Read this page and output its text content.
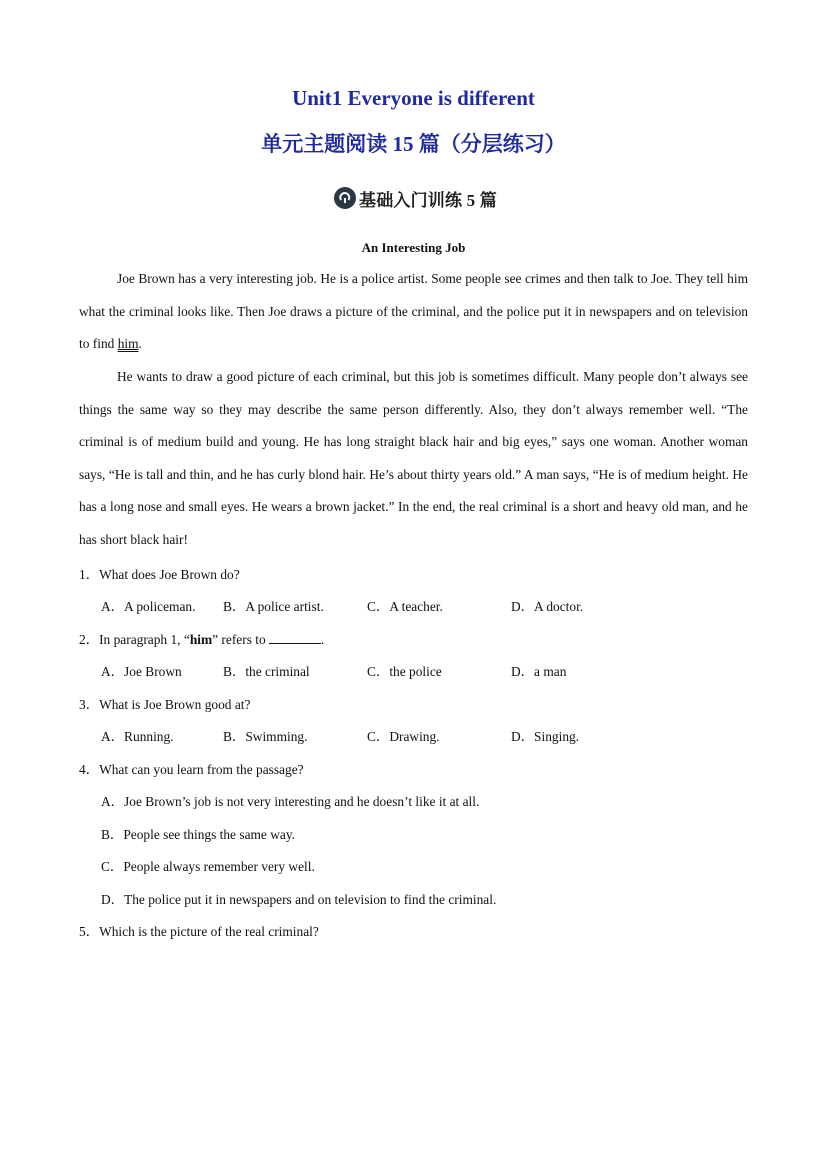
Unit1 Everyone is different
单元主题阅读 15 篇（分层练习）
基础入门训练 5 篇
An Interesting Job

Joe Brown has a very interesting job. He is a police artist. Some people see crimes and then talk to Joe. They tell him what the criminal looks like. Then Joe draws a picture of the criminal, and the police put it in newspapers and on television to find him.

He wants to draw a good picture of each criminal, but this job is sometimes difficult. Many people don’t always see things the same way so they may describe the same person differently. Also, they don’t always remember well. “The criminal is of medium build and young. He has long straight black hair and big eyes,” says one woman. Another woman says, “He is tall and thin, and he has curly blond hair. He’s about thirty years old.” A man says, “He is of medium height. He has a long nose and small eyes. He wears a brown jacket.” In the end, the real criminal is a short and heavy old man, and he has short black hair!

1．What does Joe Brown do?
A．A policeman. B．A police artist.	C．A teacher.	D．A doctor.
2．In paragraph 1, “him” refers to	.
A．Joe Brown	B．the criminal	C．the police	D．a man
3．What is Joe Brown good at?
A．Running.	B．Swimming.	C．Drawing.	D．Singing.
4．What can you learn from the passage?
A．Joe Brown’s job is not very interesting and he doesn’t like it at all.
B．People see things the same way.
C．People always remember very well.
D．The police put it in newspapers and on television to find the criminal.
5．Which is the picture of the real criminal?
